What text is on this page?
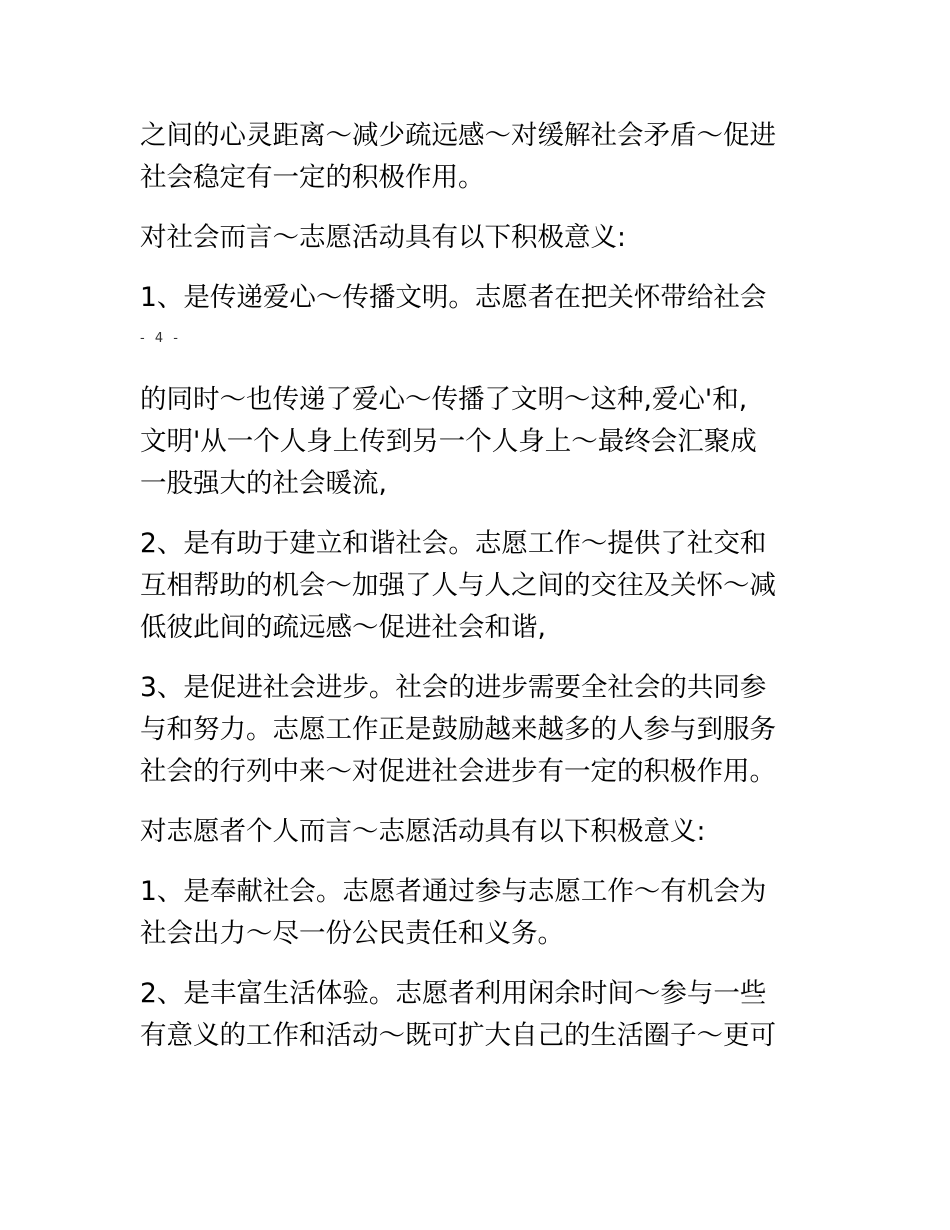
之间的心灵距离～减少疏远感～对缓解社会矛盾～促进
社会稳定有一定的积极作用。
对社会而言～志愿活动具有以下积极意义:
1、是传递爱心～传播文明。志愿者在把关怀带给社会
- 4 -
的同时～也传递了爱心～传播了文明～这种,爱心'和,
文明'从一个人身上传到另一个人身上～最终会汇聚成
一股强大的社会暖流,
2、是有助于建立和谐社会。志愿工作～提供了社交和
互相帮助的机会～加强了人与人之间的交往及关怀～减
低彼此间的疏远感～促进社会和谐,
3、是促进社会进步。社会的进步需要全社会的共同参
与和努力。志愿工作正是鼓励越来越多的人参与到服务
社会的行列中来～对促进社会进步有一定的积极作用。
对志愿者个人而言～志愿活动具有以下积极意义:
1、是奉献社会。志愿者通过参与志愿工作～有机会为
社会出力～尽一份公民责任和义务。
2、是丰富生活体验。志愿者利用闲余时间～参与一些
有意义的工作和活动～既可扩大自己的生活圈子～更可
